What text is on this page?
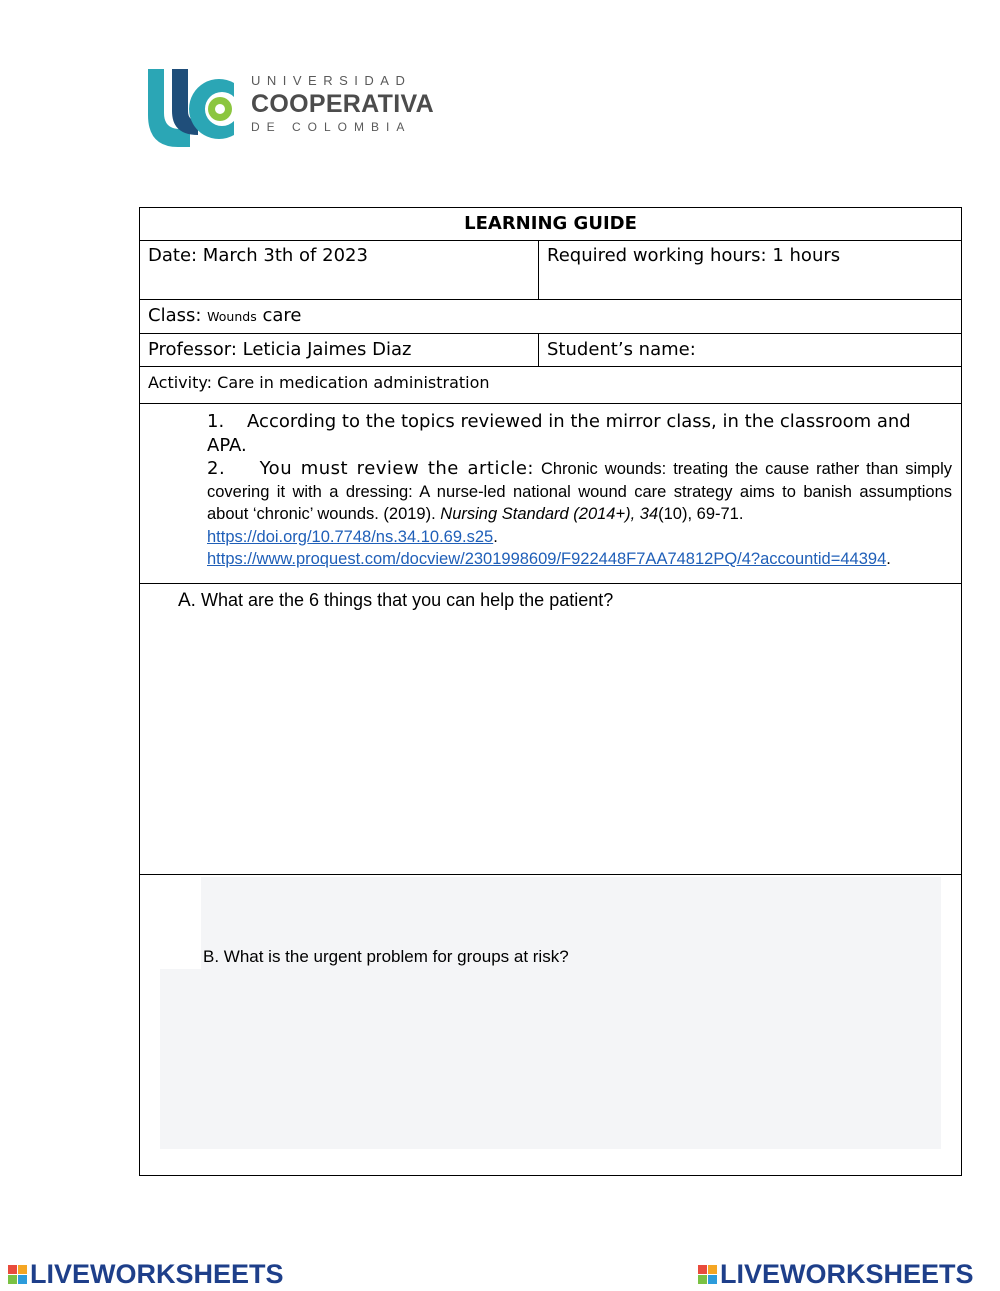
UNIVERSIDAD
COOPERATIVA
DE COLOMBIA
LEARNING GUIDE	
Date: March 3th of 2023	Required working hours: 1 hours
Class: Wounds care	
Professor: Leticia Jaimes Diaz	Student’s name:
Activity: Care in medication administration	

1.    According to the topics reviewed in the mirror class, in the classroom and APA.

2.    You must review the article: Chronic wounds: treating the cause rather than simply covering it with a dressing: A nurse-led national wound care strategy aims to banish assumptions about ‘chronic’ wounds. (2019). Nursing Standard (2014+), 34(10), 69-71.
https://doi.org/10.7748/ns.34.10.69.s25.
https://www.proquest.com/docview/2301998609/F922448F7AA74812PQ/4?accountid=44394.	

A. What are the 6 things that you can help the patient?	

B. What is the urgent problem for groups at risk?	
LIVEWORKSHEETS	LIVEWORKSHEETS
